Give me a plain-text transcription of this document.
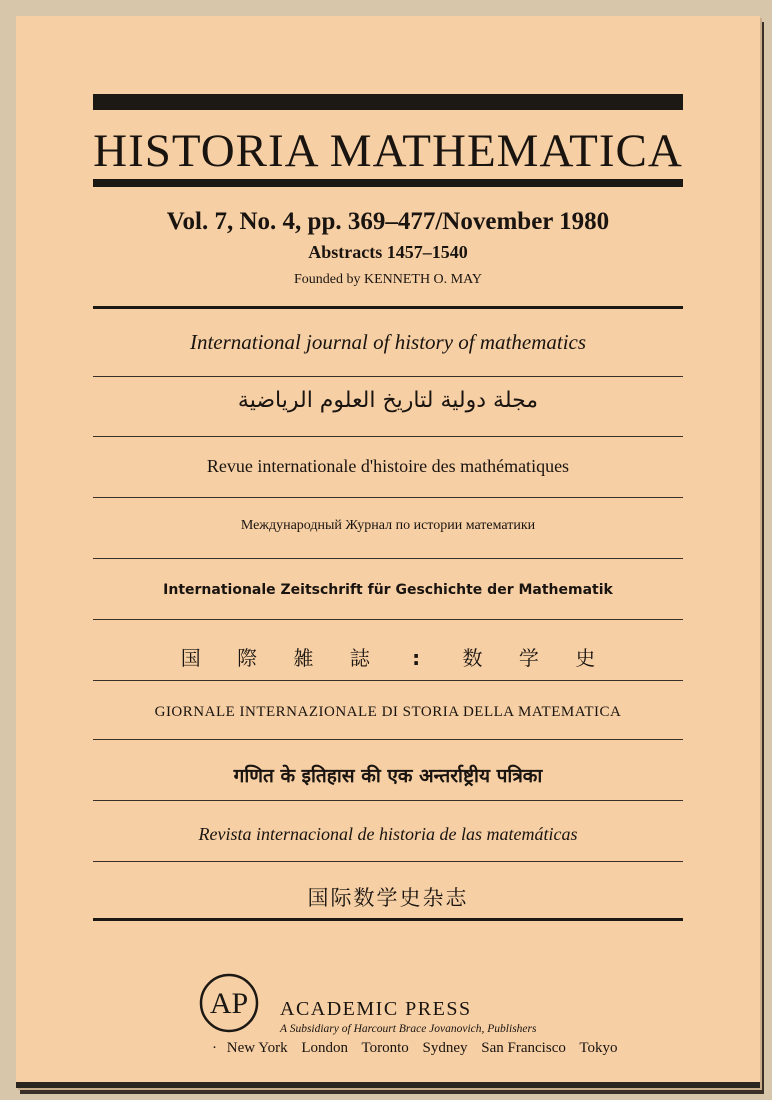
HISTORIA MATHEMATICA
Vol. 7, No. 4, pp. 369–477/November 1980
Abstracts 1457–1540
Founded by KENNETH O. MAY
International journal of history of mathematics
مجلة دولية لتاريخ العلوم الرياضية
Revue internationale d'histoire des mathématiques
Международный Журнал по истории математики
Internationale Zeitschrift für Geschichte der Mathematik
国 際 雑 誌 : 数 学 史
GIORNALE INTERNAZIONALE DI STORIA DELLA MATEMATICA
गणित के इतिहास की एक अन्तर्राष्ट्रीय पत्रिका
Revista internacional de historia de las matemáticas
国际数学史杂志
AP ACADEMIC PRESS
A Subsidiary of Harcourt Brace Jovanovich, Publishers
· New York London Toronto Sydney San Francisco Tokyo
